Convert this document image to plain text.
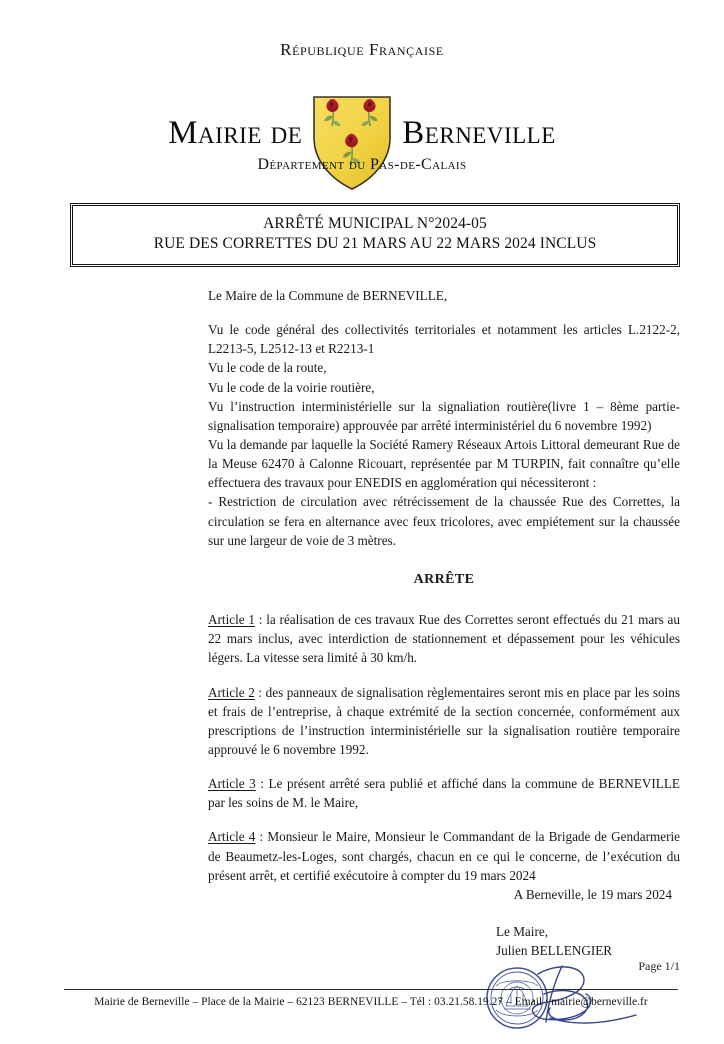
République Française
Mairie de	Berneville
Département du Pas-de-Calais
ARRÊTÉ MUNICIPAL N°2024-05
RUE DES CORRETTES DU 21 MARS AU 22 MARS 2024 INCLUS

Le Maire de la Commune de BERNEVILLE,

Vu le code général des collectivités territoriales et notamment les articles L.2122-2, L2213-5, L2512-13 et R2213-1

Vu le code de la route,

Vu le code de la voirie routière,

Vu l’instruction interministérielle sur la signaliation routière(livre 1 – 8ème partie-signalisation temporaire) approuvée par arrêté interministériel du 6 novembre 1992)

Vu la demande par laquelle la Société Ramery Réseaux Artois Littoral demeurant Rue de la Meuse 62470 à Calonne Ricouart, représentée par M TURPIN, fait connaître qu’elle effectuera des travaux pour ENEDIS en agglomération qui nécessiteront :

- Restriction de circulation avec rétrécissement de la chaussée Rue des Correttes, la circulation se fera en alternance avec feux tricolores, avec empiétement sur la chaussée sur une largeur de voie de 3 mètres.

ARRÊTE

Article 1 : la réalisation de ces travaux Rue des Correttes seront effectués du 21 mars au 22 mars inclus, avec interdiction de stationnement et dépassement pour les véhicules légers. La vitesse sera limité à 30 km/h.

Article 2 : des panneaux de signalisation règlementaires seront mis en place par les soins et frais de l’entreprise, à chaque extrémité de la section concernée, conformément aux prescriptions de l’instruction interministérielle sur la signalisation routière temporaire approuvé le 6 novembre 1992.

Article 3 : Le présent arrêté sera publié et affiché dans la commune de BERNEVILLE par les soins de M. le Maire,

Article 4 : Monsieur le Maire, Monsieur le Commandant de la Brigade de Gendarmerie de Beaumetz-les-Loges, sont chargés, chacun en ce qui le concerne, de l’exécution du présent arrêt, et certifié exécutoire à compter du 19 mars 2024

A Berneville, le 19 mars 2024

Le Maire,
Julien BELLENGIER
Page 1/1
Mairie de Berneville – Place de la Mairie – 62123 BERNEVILLE – Tél : 03.21.58.19.27 – Email : mairie@berneville.fr
